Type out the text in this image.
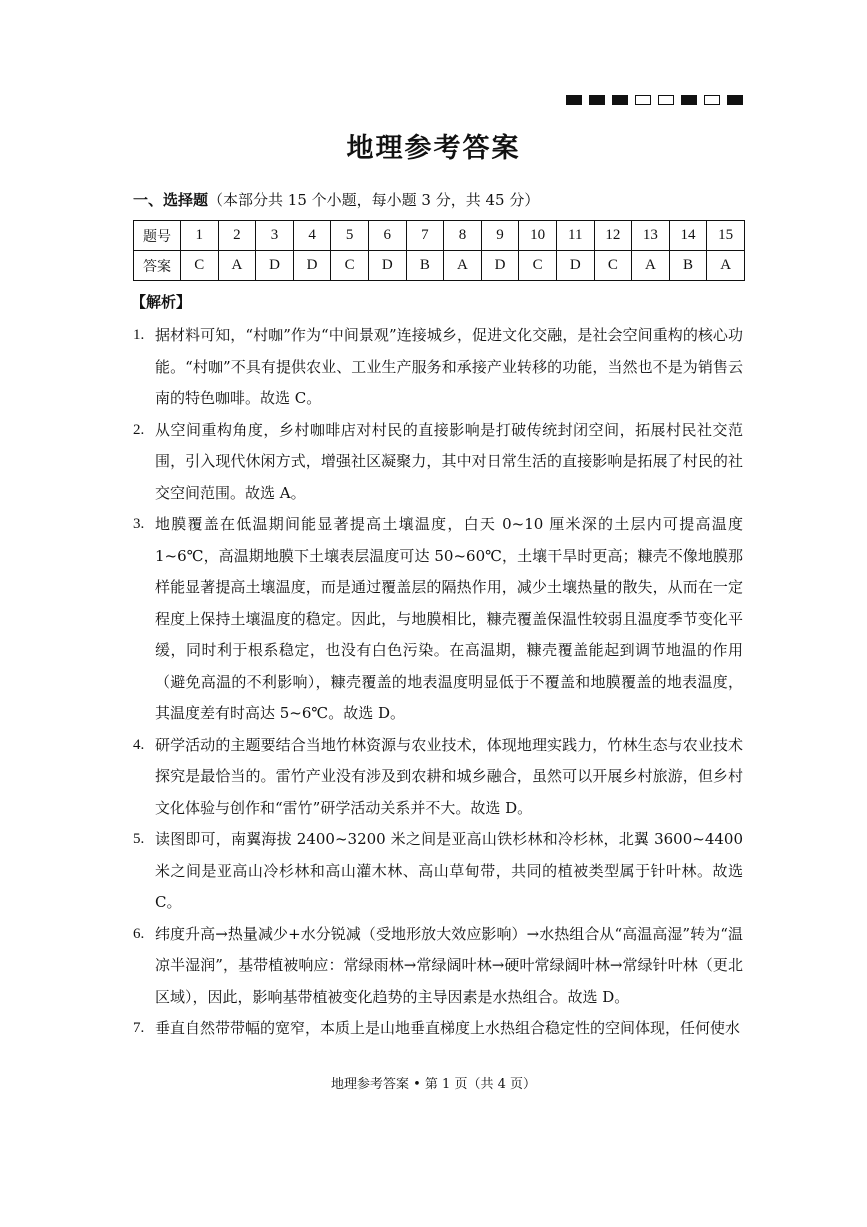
地理参考答案
一、选择题（本部分共 15 个小题，每小题 3 分，共 45 分）
题号	1	2	3	4	5	6	7	8	9	10	11	12	13	14	15
答案	C	A	D	D	C	D	B	A	D	C	D	C	A	B	A
【解析】
1. 据材料可知，“村咖”作为“中间景观”连接城乡，促进文化交融，是社会空间重构的核心功能。“村咖”不具有提供农业、工业生产服务和承接产业转移的功能，当然也不是为销售云南的特色咖啡。故选 C。
2. 从空间重构角度，乡村咖啡店对村民的直接影响是打破传统封闭空间，拓展村民社交范围，引入现代休闲方式，增强社区凝聚力，其中对日常生活的直接影响是拓展了村民的社交空间范围。故选 A。
3. 地膜覆盖在低温期间能显著提高土壤温度，白天 0~10 厘米深的土层内可提高温度 1~6℃，高温期地膜下土壤表层温度可达 50~60℃，土壤干旱时更高；糠壳不像地膜那样能显著提高土壤温度，而是通过覆盖层的隔热作用，减少土壤热量的散失，从而在一定程度上保持土壤温度的稳定。因此，与地膜相比，糠壳覆盖保温性较弱且温度季节变化平缓，同时利于根系稳定，也没有白色污染。在高温期，糠壳覆盖能起到调节地温的作用（避免高温的不利影响），糠壳覆盖的地表温度明显低于不覆盖和地膜覆盖的地表温度，其温度差有时高达 5~6℃。故选 D。
4. 研学活动的主题要结合当地竹林资源与农业技术，体现地理实践力，竹林生态与农业技术探究是最恰当的。雷竹产业没有涉及到农耕和城乡融合，虽然可以开展乡村旅游，但乡村文化体验与创作和“雷竹”研学活动关系并不大。故选 D。
5. 读图即可，南翼海拔 2400~3200 米之间是亚高山铁杉林和冷杉林，北翼 3600~4400 米之间是亚高山冷杉林和高山灌木林、高山草甸带，共同的植被类型属于针叶林。故选 C。
6. 纬度升高→热量减少+水分锐减（受地形放大效应影响）→水热组合从“高温高湿”转为“温凉半湿润”，基带植被响应：常绿雨林→常绿阔叶林→硬叶常绿阔叶林→常绿针叶林（更北区域），因此，影响基带植被变化趋势的主导因素是水热组合。故选 D。
7. 垂直自然带带幅的宽窄，本质上是山地垂直梯度上水热组合稳定性的空间体现，任何使水
地理参考答案 • 第 1 页（共 4 页）
